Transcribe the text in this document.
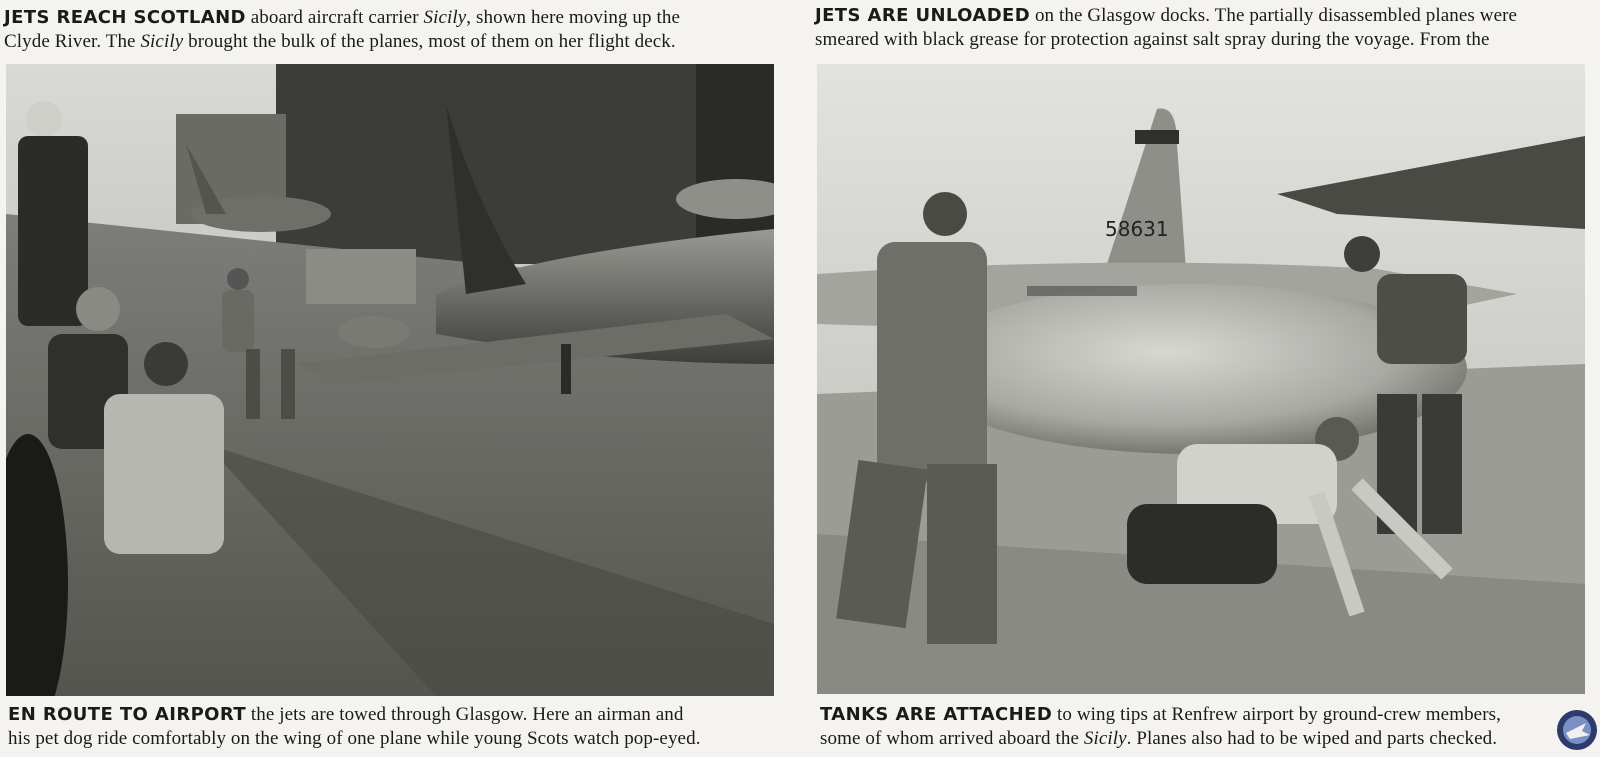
JETS REACH SCOTLAND aboard aircraft carrier Sicily, shown here moving up the
Clyde River. The Sicily brought the bulk of the planes, most of them on her flight deck.
JETS ARE UNLOADED on the Glasgow docks. The partially disassembled planes were
smeared with black grease for protection against salt spray during the voyage. From the
58631
EN ROUTE TO AIRPORT the jets are towed through Glasgow. Here an airman and
his pet dog ride comfortably on the wing of one plane while young Scots watch pop-eyed.
TANKS ARE ATTACHED to wing tips at Renfrew airport by ground-crew members,
some of whom arrived aboard the Sicily. Planes also had to be wiped and parts checked.
